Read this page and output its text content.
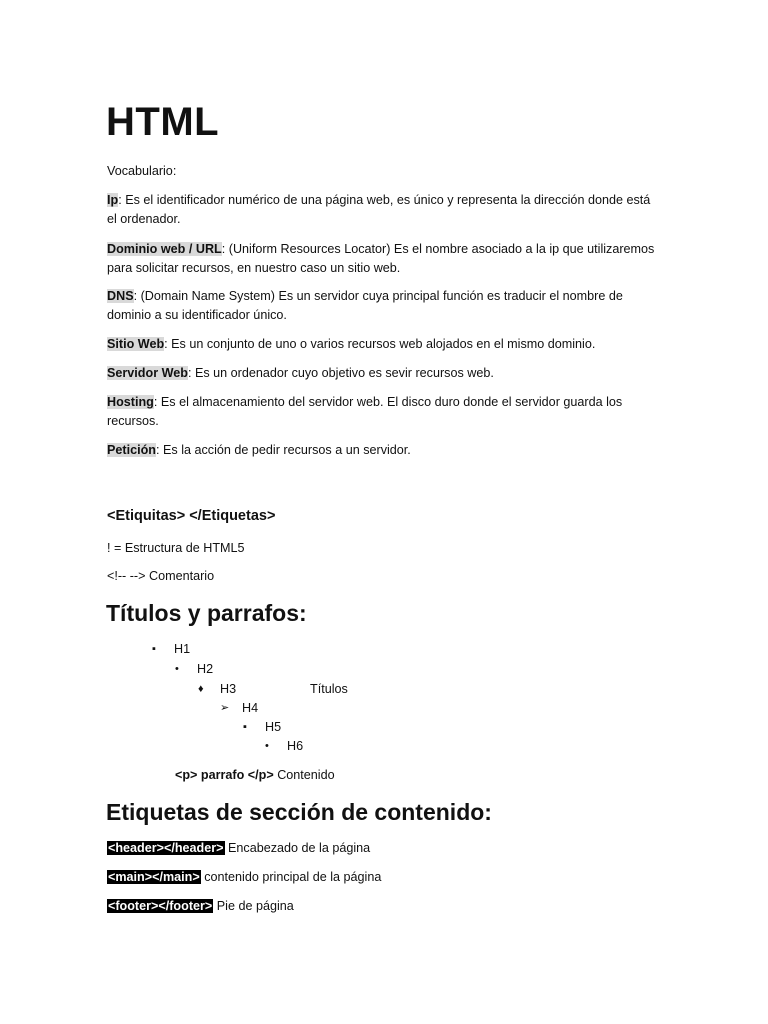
HTML
Vocabulario:
Ip: Es el identificador numérico de una página web, es único y representa la dirección donde está el ordenador.
Dominio web / URL: (Uniform Resources Locator) Es el nombre asociado a la ip que utilizaremos para solicitar recursos, en nuestro caso un sitio web.
DNS: (Domain Name System) Es un servidor cuya principal función es traducir el nombre de dominio a su identificador único.
Sitio Web: Es un conjunto de uno o varios recursos web alojados en el mismo dominio.
Servidor Web: Es un ordenador cuyo objetivo es sevir recursos web.
Hosting: Es el almacenamiento del servidor web. El disco duro donde el servidor guarda los recursos.
Petición: Es la acción de pedir recursos a un servidor.
<Etiquitas> </Etiquetas>
! = Estructura de HTML5
<!-- --> Comentario
Títulos y parrafos:
▪ H1
• H2
♦ H3	Títulos
➢ H4
▪ H5
• H6
<p> parrafo </p> Contenido
Etiquetas de sección de contenido:
<header></header> Encabezado de la página
<main></main> contenido principal de la página
<footer></footer> Pie de página
